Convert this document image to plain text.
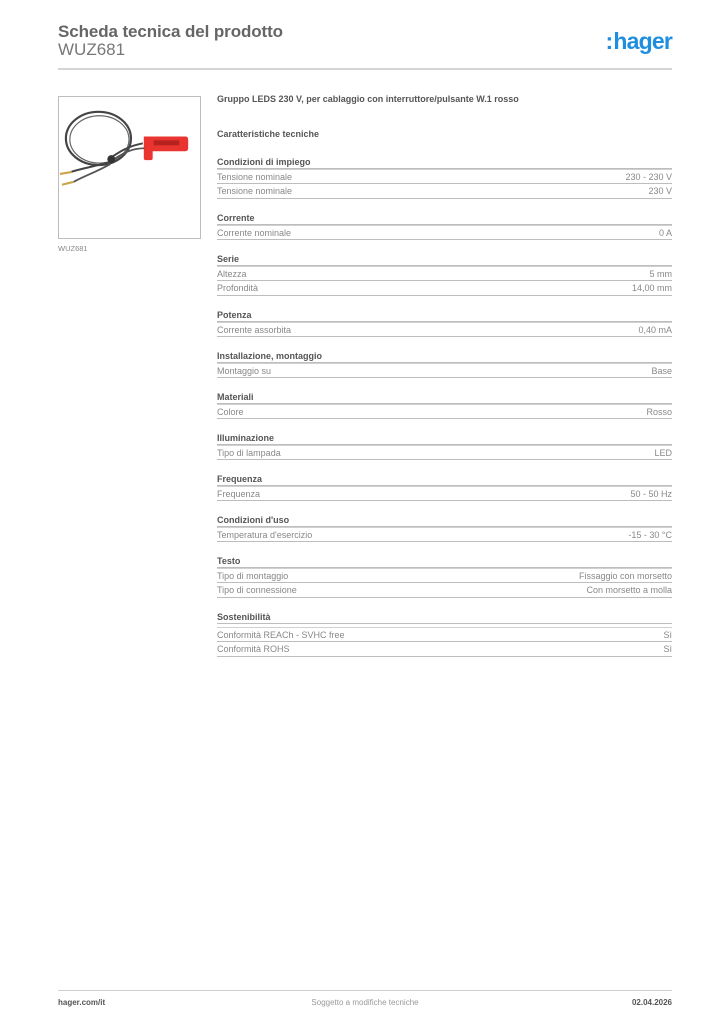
Scheda tecnica del prodotto
WUZ681	:hager
WUZ681
Gruppo LEDS 230 V, per cablaggio con interruttore/pulsante W.1 rosso
Caratteristiche tecniche
Condizioni di impiego
Tensione nominale	230 - 230 V
Tensione nominale	230 V
Corrente
Corrente nominale	0 A
Serie
Altezza	5 mm
Profondità	14,00 mm
Potenza
Corrente assorbita	0,40 mA
Installazione, montaggio
Montaggio su	Base
Materiali
Colore	Rosso
Illuminazione
Tipo di lampada	LED
Frequenza
Frequenza	50 - 50 Hz
Condizioni d'uso
Temperatura d'esercizio	-15 - 30 °C
Testo
Tipo di montaggio	Fissaggio con morsetto
Tipo di connessione	Con morsetto a molla
Sostenibilità
Conformità REACh - SVHC free	Sì
Conformità ROHS	Sì
hager.com/it	Soggetto a modifiche tecniche	02.04.2026
